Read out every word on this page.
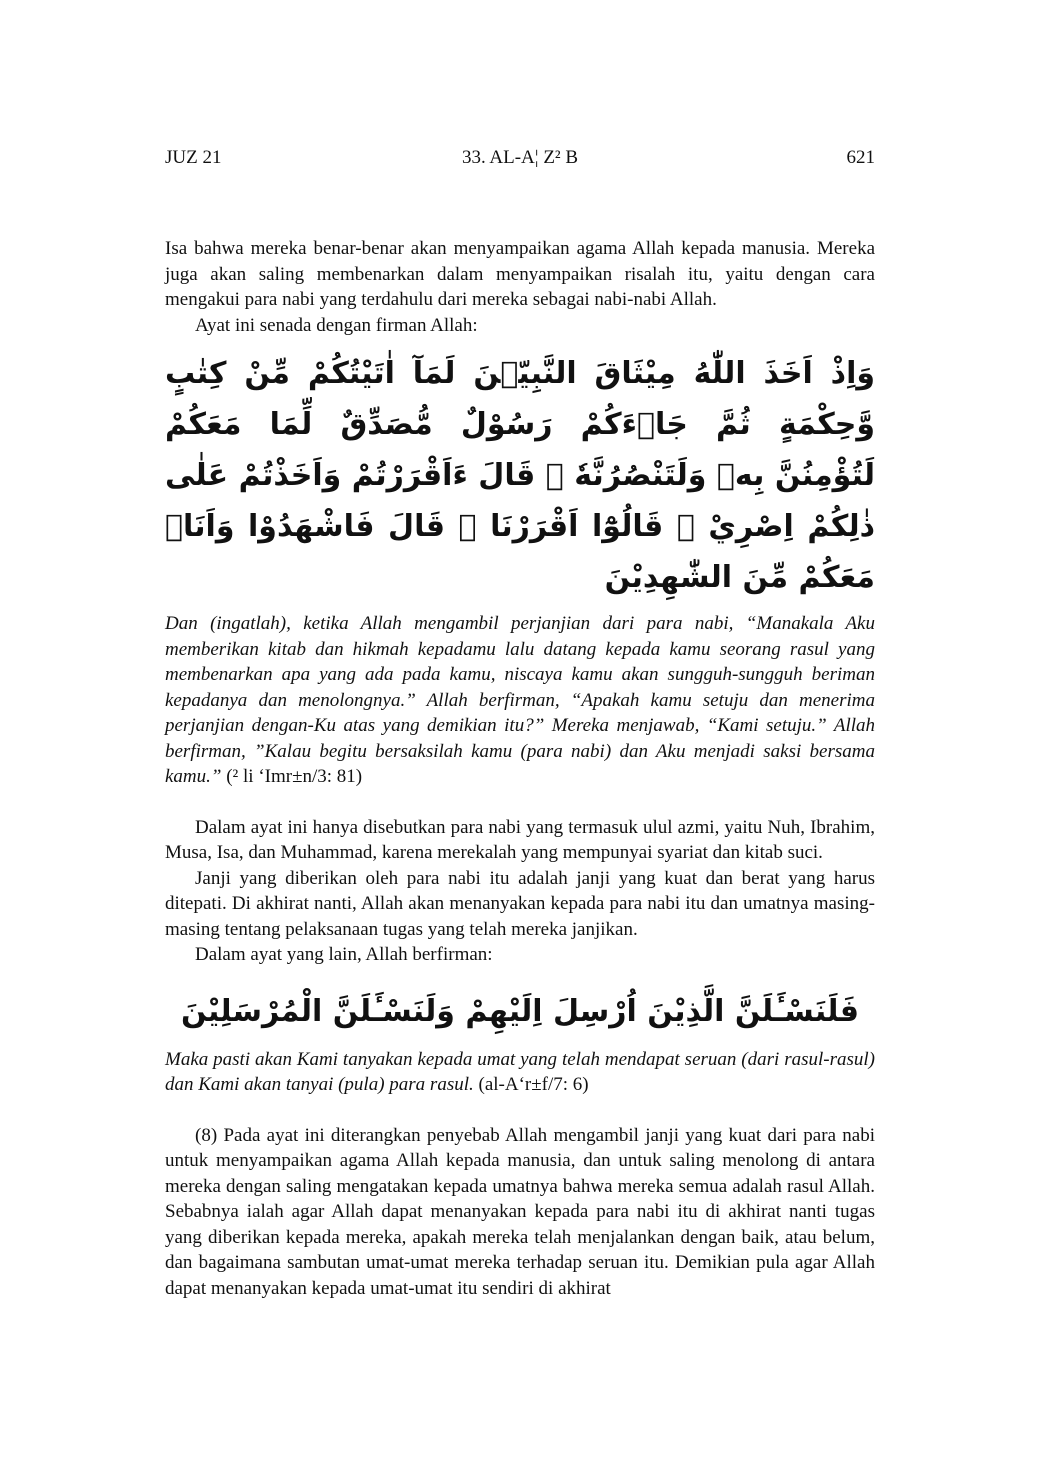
JUZ 21	33. AL-A¦ Z² B	621

Isa bahwa mereka benar-benar akan menyampaikan agama Allah kepada manusia. Mereka juga akan saling membenarkan dalam menyampaikan risalah itu, yaitu dengan cara mengakui para nabi yang terdahulu dari mereka sebagai nabi-nabi Allah.

Ayat ini senada dengan firman Allah:

وَاِذْ اَخَذَ اللّٰهُ مِيْثَاقَ النَّبِيّٖنَ لَمَآ اٰتَيْتُكُمْ مِّنْ كِتٰبٍ وَّحِكْمَةٍ ثُمَّ جَاۤءَكُمْ رَسُوْلٌ مُّصَدِّقٌ لِّمَا مَعَكُمْ لَتُؤْمِنُنَّ بِهٖ وَلَتَنْصُرُنَّهٗ ۗ قَالَ ءَاَقْرَرْتُمْ وَاَخَذْتُمْ عَلٰى ذٰلِكُمْ اِصْرِيْ ۗ قَالُوْٓا اَقْرَرْنَا ۗ قَالَ فَاشْهَدُوْا وَاَنَا۠ مَعَكُمْ مِّنَ الشّٰهِدِيْنَ

Dan (ingatlah), ketika Allah mengambil perjanjian dari para nabi, “Manakala Aku memberikan kitab dan hikmah kepadamu lalu datang kepada kamu seorang rasul yang membenarkan apa yang ada pada kamu, niscaya kamu akan sungguh-sungguh beriman kepadanya dan menolongnya.” Allah berfirman, “Apakah kamu setuju dan menerima perjanjian dengan-Ku atas yang demikian itu?” Mereka menjawab, “Kami setuju.” Allah berfirman, ”Kalau begitu bersaksilah kamu (para nabi) dan Aku menjadi saksi bersama kamu.” (² li ‘Imr±n/3: 81)

Dalam ayat ini hanya disebutkan para nabi yang termasuk ulul azmi, yaitu Nuh, Ibrahim, Musa, Isa, dan Muhammad, karena merekalah yang mempunyai syariat dan kitab suci.

Janji yang diberikan oleh para nabi itu adalah janji yang kuat dan berat yang harus ditepati. Di akhirat nanti, Allah akan menanyakan kepada para nabi itu dan umatnya masing-masing tentang pelaksanaan tugas yang telah mereka janjikan.

Dalam ayat yang lain, Allah berfirman:

فَلَنَسْـَٔلَنَّ الَّذِيْنَ اُرْسِلَ اِلَيْهِمْ وَلَنَسْـَٔلَنَّ الْمُرْسَلِيْنَ

Maka pasti akan Kami tanyakan kepada umat yang telah mendapat seruan (dari rasul-rasul) dan Kami akan tanyai (pula) para rasul. (al-A‘r±f/7: 6)

(8) Pada ayat ini diterangkan penyebab Allah mengambil janji yang kuat dari para nabi untuk menyampaikan agama Allah kepada manusia, dan untuk saling menolong di antara mereka dengan saling mengatakan kepada umatnya bahwa mereka semua adalah rasul Allah. Sebabnya ialah agar Allah dapat menanyakan kepada para nabi itu di akhirat nanti tugas yang diberikan kepada mereka, apakah mereka telah menjalankan dengan baik, atau belum, dan bagaimana sambutan umat-umat mereka terhadap seruan itu. Demikian pula agar Allah dapat menanyakan kepada umat-umat itu sendiri di akhirat
